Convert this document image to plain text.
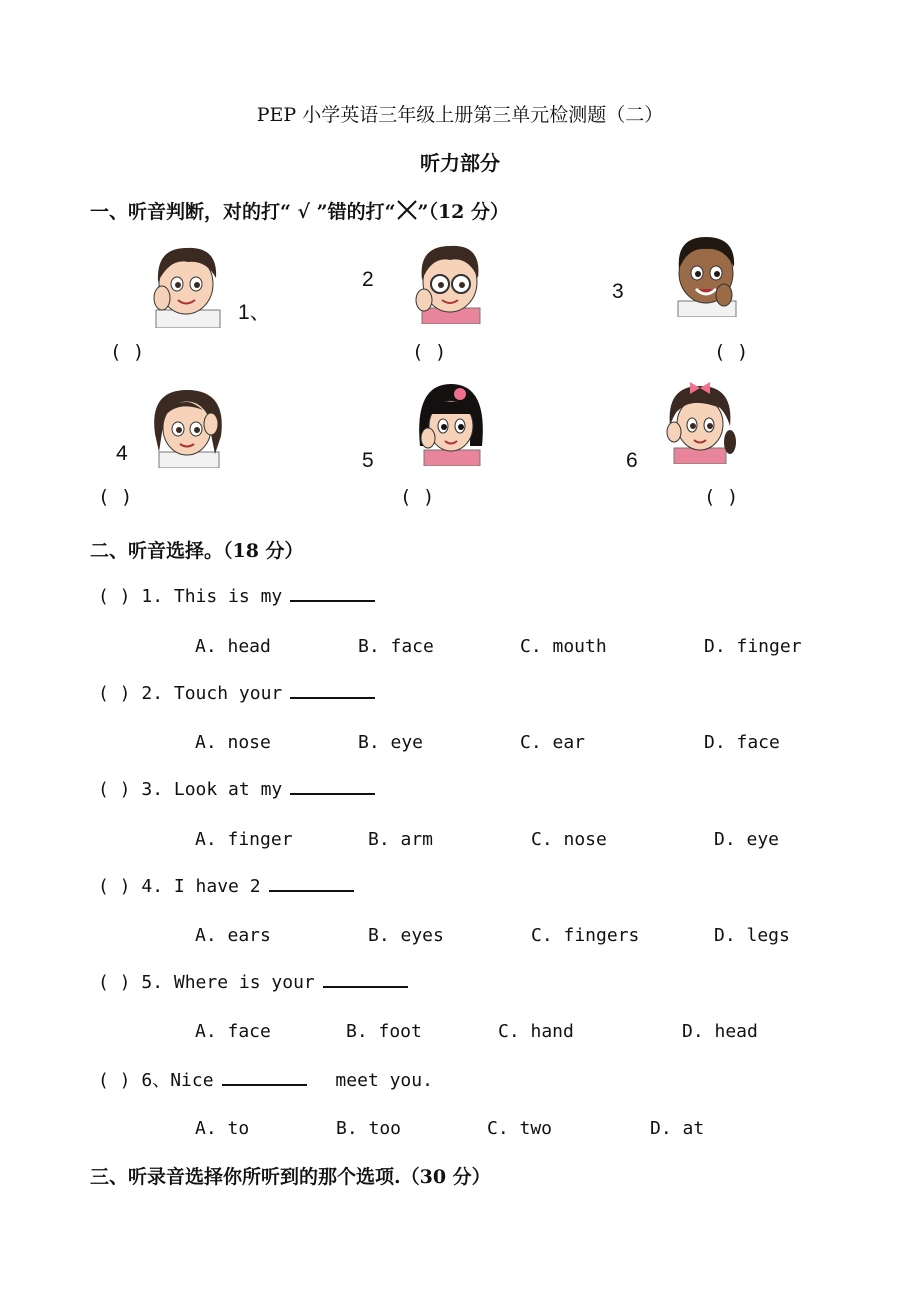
PEP 小学英语三年级上册第三单元检测题（二）
听力部分
一、听音判断，对的打“ √ ”错的打“ ”（12 分）
1、
2
3
( )	( )	( )
4	5	6
( )	( )	( )
二、听音选择。（18 分）
( ) 1. This is my
A. head	B. face	C. mouth	D. finger
( ) 2. Touch your
A. nose	B. eye	C. ear	D. face
( ) 3. Look at my
A. finger	B. arm	C. nose	D. eye
( ) 4. I have 2
A. ears	B. eyes	C. fingers	D. legs
( ) 5. Where is your
A. face	B. foot	C. hand	D. head
( ) 6、Nice	meet you.
A. to	B. too	C. two	D. at
三、听录音选择你所听到的那个选项.（30 分）
